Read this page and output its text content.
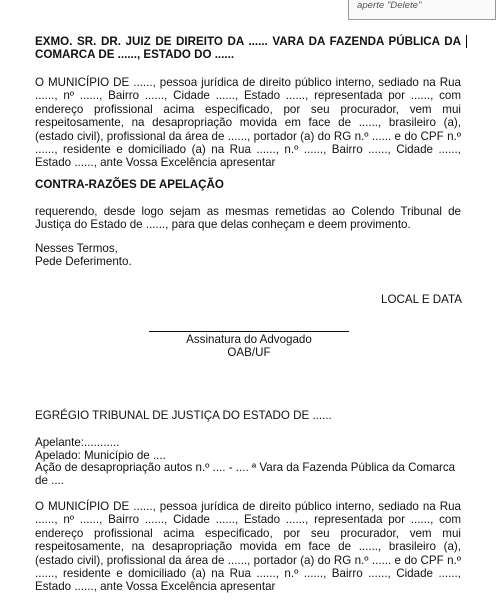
aperte "Delete"

EXMO. SR. DR. JUIZ DE DIREITO DA ...... VARA DA FAZENDA PÚBLICA DA COMARCA DE ......, ESTADO DO ......

O MUNICÍPIO DE ......, pessoa jurídica de direito público interno, sediado na Rua ......, nº ......, Bairro ......, Cidade ......, Estado ......, representada por ......, com endereço profissional acima especificado, por seu procurador, vem mui respeitosamente, na desapropriação movida em face de ......, brasileiro (a), (estado civil), profissional da área de ......, portador (a) do RG n.º ...... e do CPF n.º ......, residente e domiciliado (a) na Rua ......, n.º ......, Bairro ......, Cidade ......, Estado ......, ante Vossa Excelência apresentar

CONTRA-RAZÕES DE APELAÇÃO

requerendo, desde logo sejam as mesmas remetidas ao Colendo Tribunal de Justiça do Estado de ......, para que delas conheçam e deem provimento.

Nesses Termos,

Pede Deferimento.

LOCAL E DATA
Assinatura do Advogado
OAB/UF

EGRÉGIO TRIBUNAL DE JUSTIÇA DO ESTADO DE ......

Apelante:...........

Apelado: Município de ....

Ação de desapropriação autos n.º .... - .... ª Vara da Fazenda Pública da Comarca de ....

O MUNICÍPIO DE ......, pessoa jurídica de direito público interno, sediado na Rua ......, nº ......, Bairro ......, Cidade ......, Estado ......, representada por ......, com endereço profissional acima especificado, por seu procurador, vem mui respeitosamente, na desapropriação movida em face de ......, brasileiro (a), (estado civil), profissional da área de ......, portador (a) do RG n.º ...... e do CPF n.º ......, residente e domiciliado (a) na Rua ......, n.º ......, Bairro ......, Cidade ......, Estado ......, ante Vossa Excelência apresentar
